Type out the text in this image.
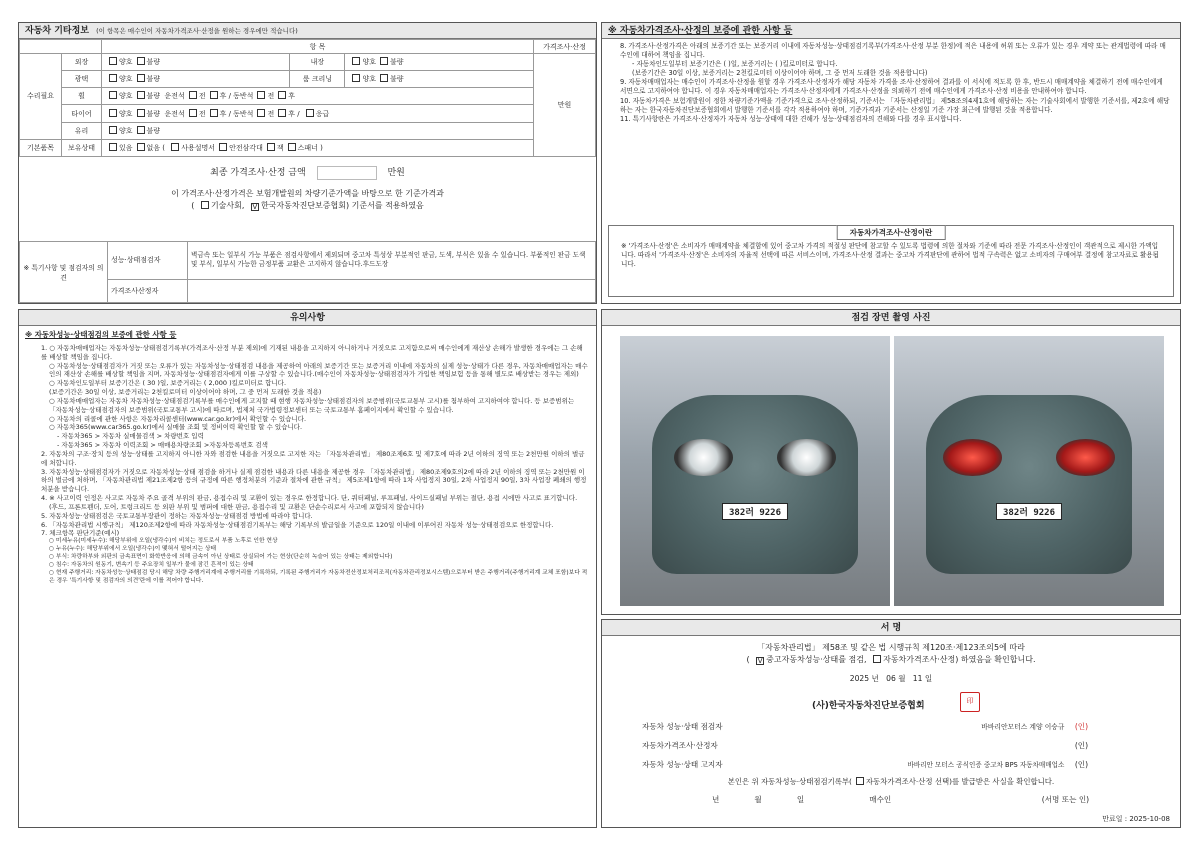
자동차 기타정보 (이 항목은 매수인이 자동차가격조사·산정을 원하는 경우에만 적습니다)
		항 목			가격조사·산정
수리필요	외장	양호 불량	내장	양호 불량	만원
	광택	양호 불량	룸 크리닝	양호 불량	
	휠	양호 불량 운전석 전 후 / 동반석 전 후			
	타이어	양호 불량 운전석 전 후 / 동반석 전 후 / 응급			
	유리	양호 불량			
기본품목	보유상태	있음 없음 ( 사용설명서 안전삼각대 잭 스패너 )			
최종 가격조사·산정 금액	만원
이 가격조사·산정가격은 보험개발원의 차량기준가액을 바탕으로 한 기준가격과
( 기술사회, V 한국자동차진단보증협회) 기준서를 적용하였음
※ 특기사항 및 점검자의 의견	성능·상태점검자	벽금속 또는 일부식 가능 부품은 점검사항에서 제외되며 중고차 특성상 부분적인 판금, 도색, 부식은 있을 수 있습니다. 부품적인 판금 도색 및 부식, 일부식 가능한 금정부품 교환은 고지하지 않습니다.후드도장
	가격조사산정자	
※ 자동차가격조사·산정의 보증에 관한 사항 등
8. 가격조사·산정가격은 아래의 보증기간 또는 보증거리 이내에 자동차성능·상태점검기록부(가격조사·산정 부분 한정)에 적은 내용에 허위 또는 오류가 있는 경우 계약 또는 관계법령에 따라 매수인에 대하여 책임을 집니다.
- 자동차인도일부터 보증기간은 ( )일, 보증거리는 ( )킬로미터로 합니다.
(보증기간은 30일 이상, 보증거리는 2천킬로미터 이상이어야 하며, 그 중 먼저 도래한 것을 적용합니다)
9. 자동차매매업자는 매수인이 가격조사·산정을 원할 경우 가격조사·산정자가 해당 자동차 가격을 조사·산정하여 결과를 이 서식에 적도록 한 후, 반드시 매매계약을 체결하기 전에 매수인에게 서면으로 고지하여야 합니다. 이 경우 자동차매매업자는 가격조사·산정자에게 가격조사·산정을 의뢰하기 전에 매수인에게 가격조사·산정 비용을 안내하여야 합니다.
10. 자동차가격은 보험개발원이 정한 차량기준가액을 기준가격으로 조사·산정하되, 기준서는 「자동차관리법」 제58조의4제1호에 해당하는 자는 기술사회에서 발행한 기준서를, 제2호에 해당하는 자는 한국자동차진단보증협회에서 발행한 기준서를 각각 적용하여야 하며, 기준가격과 기준서는 산정일 기준 가장 최근에 발행된 것을 적용합니다.
11. 특기사항란은 가격조사·산정자가 자동차 성능·상태에 대한 견해가 성능·상태점검자의 견해와 다를 경우 표시합니다.
자동차가격조사·산정이란
※ '가격조사·산정'은 소비자가 매매계약을 체결함에 있어 중고차 가격의 적절성 판단에 참고할 수 있도록 법령에 의한 절차와 기준에 따라 전문 가격조사·산정인이 객관적으로 제시한 가액입니다. 따라서 '가격조사·산정'은 소비자의 자율적 선택에 따른 서비스이며, 가격조사·산정 결과는 중고차 가격판단에 관하여 법적 구속력은 없고 소비자의 구매여부 결정에 참고자료로 활용됩니다.
유의사항
※ 자동차성능·상태점검의 보증에 관한 사항 등
1. ○ 자동차매매업자는 자동차성능·상태점검기록부(가격조사·산정 부분 제외)에 기재된 내용을 고지하지 아니하거나 거짓으로 고지함으로써 매수인에게 재산상 손해가 발생한 경우에는 그 손해를 배상할 책임을 집니다.
○ 자동차성능·상태점검자가 거짓 또는 오류가 있는 자동차성능·상태점검 내용을 제공하여 아래의 보증기간 또는 보증거리 이내에 자동차의 실제 성능·상태가 다른 경우, 자동차매매업자는 매수인의 재산상 손해를 배상할 책임을 지며, 자동차성능·상태점검자에게 이를 구상할 수 있습니다.(매수인이 자동차성능·상태점검자가 가입한 책임보험 등을 통해 별도로 배상받는 경우는 제외)
○ 자동차인도일부터 보증기간은 ( 30 )일, 보증거리는 ( 2,000 )킬로미터로 합니다.
(보증기간은 30일 이상, 보증거리는 2천킬로미터 이상이어야 하며, 그 중 먼저 도래한 것을 적용)
○ 자동차매매업자는 자동차 자동차성능·상태점검기록부를 매수인에게 고지할 때 현행 자동차성능·상태점검자의 보증범위(국토교통부 고시)를 첨부하여 고지하여야 합니다. 등 보증범위는 「자동차성능·상태점검자의 보증범위(국토교통부 고시)에 따르며, 법제처 국가법령정보센터 또는 국토교통부 홈페이지에서 확인할 수 있습니다.
○ 자동차의 리콜에 관한 사항은 자동차리콜센터(www.car.go.kr)에서 확인할 수 있습니다.
○ 자동차365(www.car365.go.kr)에서 실매물 조회 및 정비이력 확인할 할 수 있습니다.
- 자동차365 > 자동차 실매물검색 > 차량번호 입력
- 자동차365 > 자동차 이력조회 > 매매용차량조회 >자동차등록번호 검색
2. 자동차의 구조·장치 등의 성능·상태를 고지하지 아니한 자와 점검한 내용을 거짓으로 고지한 자는 「자동차관리법」 제80조제6호 및 제7호에 따라 2년 이하의 징역 또는 2천만원 이하의 벌금에 처합니다.
3. 자동차성능·상태점검자가 거짓으로 자동차성능·상태 점검을 하거나 실제 점검한 내용과 다른 내용을 제공한 경우 「자동차관리법」 제80조제9호의2에 따라 2년 이하의 징역 또는 2천만원 이하의 벌금에 처하며, 「자동차관리법 제21조제2항 등의 규정에 따른 행정처분의 기준과 절차에 관한 규칙」 제5조제1항에 따라 1차 사업정지 30일, 2차 사업정지 90일, 3차 사업장 폐쇄의 행정처분을 받습니다.
4. ※ 사고이력 인정은 사고로 자동차 주요 골격 부위의 판금, 용접수리 및 교환이 있는 경우로 한정합니다. 단, 쿼터패널, 루프패널, 사이드실패널 부위는 절단, 용접 시에만 사고로 표기합니다.
(후드, 프론트펜더, 도어, 트렁크리드 등 외판 부위 및 범퍼에 대한 판금, 용접수리 및 교환은 단순수리로서 사고에 포함되지 않습니다)
5. 자동차성능·상태점검은 국토교통부장관이 정하는 자동차성능·상태점검 방법에 따라야 합니다.
6. 「자동차관리법 시행규칙」 제120조제2항에 따라 자동차성능·상태점검기록부는 해당 기록부의 발급일을 기준으로 120일 이내에 이루어진 자동차 성능·상태점검으로 한정합니다.
7. 체크항목 판단기준(예시)
○ 미세누유(미세누수): 해당부위에 오일(냉각수)이 비치는 정도로서 부품 노후로 인한 현상
○ 누유(누수): 해당부위에서 오일(냉각수)이 맺혀서 떨어지는 상태
○ 부식: 차량하부와 외판의 금속표면이 화학반응에 의해 금속이 아닌 상태로 상실되어 가는 현상(단순히 녹슬어 있는 상태는 제외합니다)
○ 침수: 자동차의 원동기, 변속기 등 주요장치 일부가 물에 잠긴 흔적이 있는 상태
○ 현재 주행거리: 자동차성능·상태점검 당시 해당 차량 주행거리계에 주행거리를 기록하되, 기록된 주행거리가 자동차전산정보처리조직(자동차관리정보시스템)으로부터 받은 주행거리(주행거리계 교체 포함)보다 적은 경우 '특기사항 및 점검자의 의견'란에 이를 적어야 합니다.
점검 장면 촬영 사진
382러 9226	382러 9226
서 명
「자동차관리법」 제58조 및 같은 법 시행규칙 제120조·제123조의5에 따라
( V중고자동차성능·상태를 점검, 자동차가격조사·산정) 하였음을 확인합니다.
2025 년 06 월 11 일
(사)한국자동차진단보증협회	印
자동차 성능·상태 점검자	바바리안모터스 계양 이승규 (인)
자동차가격조사·산정자	(인)
자동차 성능·상태 고지자	바바리안 모터스 공식인증 중고차 BPS 자동차매매업소 (인)
본인은 위 자동차성능·상태점검기록부( 자동차가격조사·산정 선택)를 발급받은 사실을 확인합니다.
년	월	일	매수인	(서명 또는 인)
만료일 : 2025-10-08
